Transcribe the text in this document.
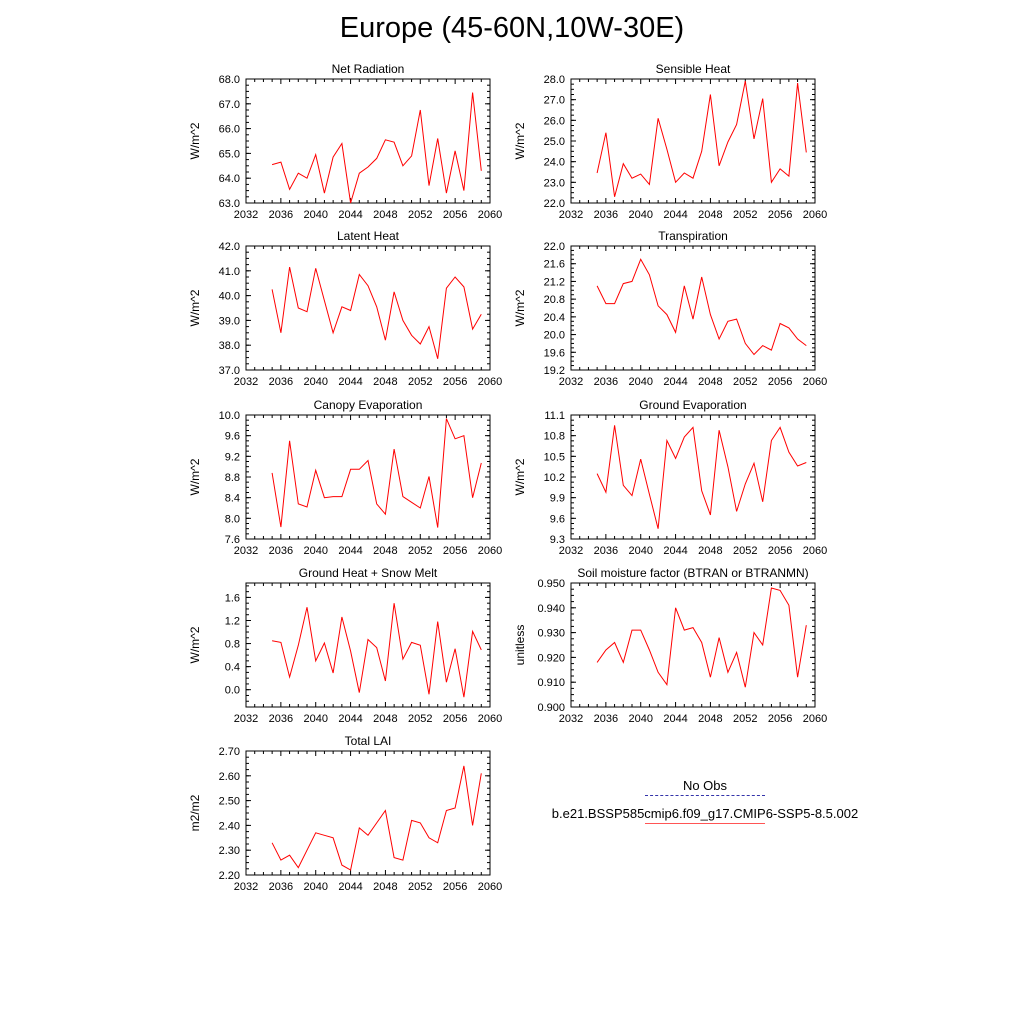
Europe (45-60N,10W-30E)
Net Radiation
W/m^2
2032 2036 2040 2044 2048 2052 2056 2060
63.0
64.0
65.0
66.0
67.0
68.0
Sensible Heat
W/m^2
2032 2036 2040 2044 2048 2052 2056 2060
22.0
23.0
24.0
25.0
26.0
27.0
28.0
Latent Heat
W/m^2
2032 2036 2040 2044 2048 2052 2056 2060
37.0
38.0
39.0
40.0
41.0
42.0
Transpiration
W/m^2
2032 2036 2040 2044 2048 2052 2056 2060
19.2
19.6
20.0
20.4
20.8
21.2
21.6
22.0
Canopy Evaporation
W/m^2
2032 2036 2040 2044 2048 2052 2056 2060
7.6
8.0
8.4
8.8
9.2
9.6
10.0
Ground Evaporation
W/m^2
2032 2036 2040 2044 2048 2052 2056 2060
9.3
9.6
9.9
10.2
10.5
10.8
11.1
Ground Heat + Snow Melt
W/m^2
2032 2036 2040 2044 2048 2052 2056 2060
0.0
0.4
0.8
1.2
1.6
Soil moisture factor (BTRAN or BTRANMN)
unitless
2032 2036 2040 2044 2048 2052 2056 2060
0.900
0.910
0.920
0.930
0.940
0.950
Total LAI
m2/m2
2032 2036 2040 2044 2048 2052 2056 2060
2.20
2.30
2.40
2.50
2.60
2.70
No Obs
b.e21.BSSP585cmip6.f09_g17.CMIP6-SSP5-8.5.002
